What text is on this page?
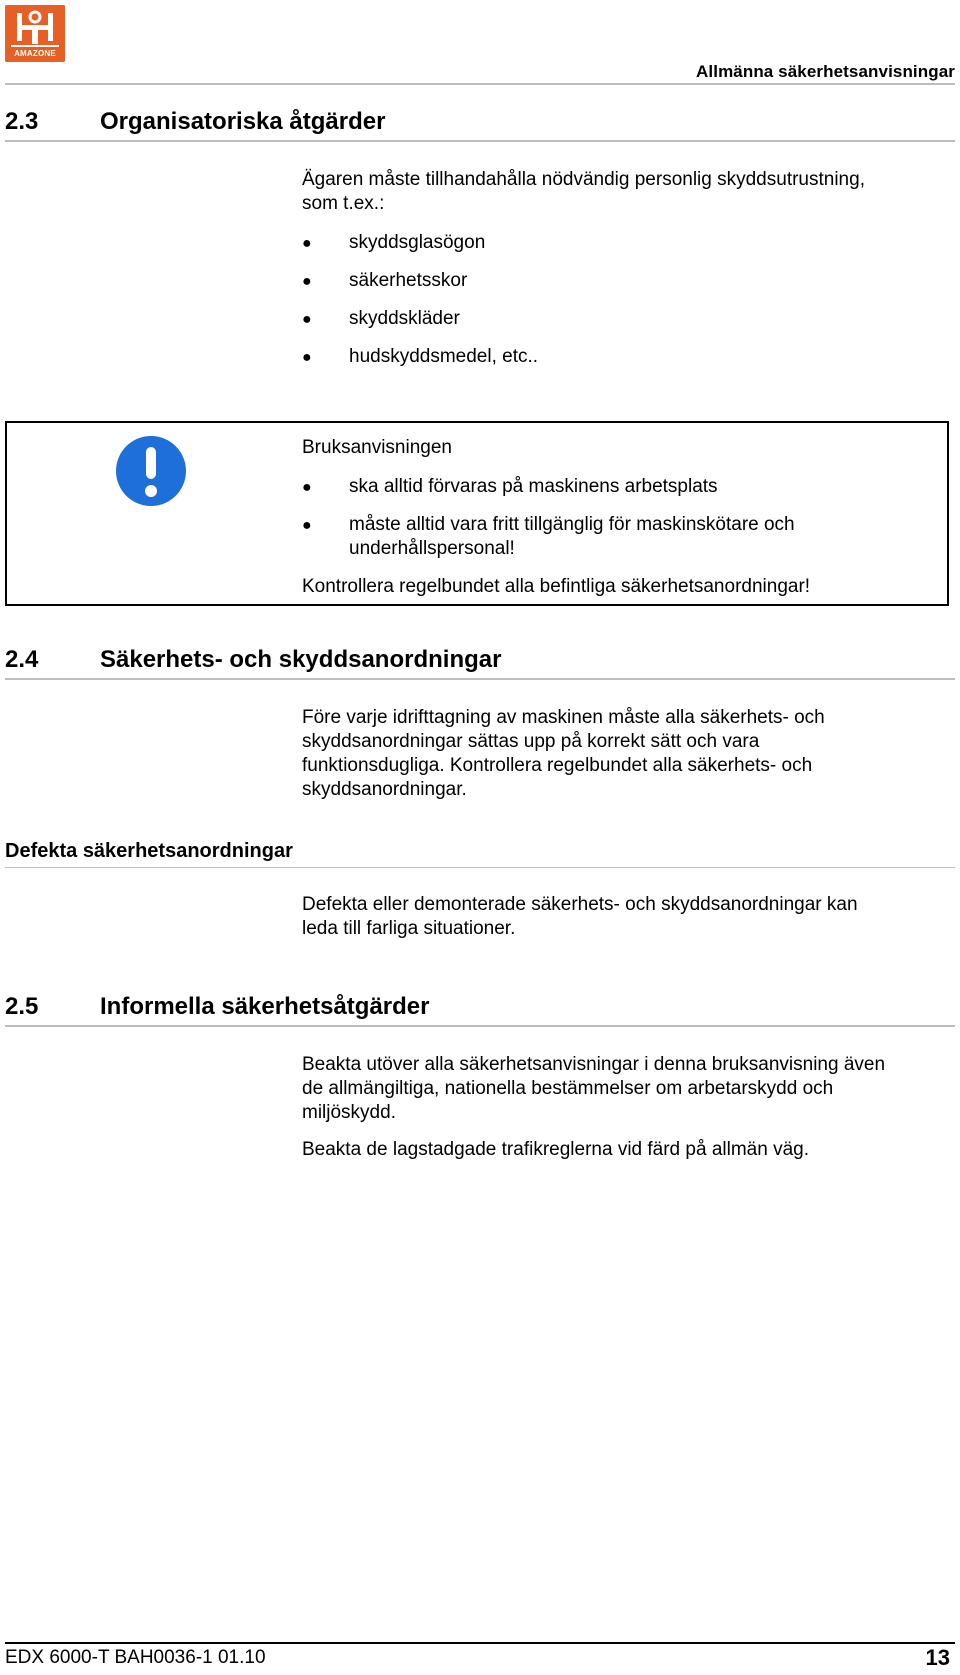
AMAZONE
Allmänna säkerhetsanvisningar
2.3	Organisatoriska åtgärder
Ägaren måste tillhandahålla nödvändig personlig skyddsutrustning,
som t.ex.:
● skyddsglasögon
● säkerhetsskor
● skyddskläder
● hudskyddsmedel, etc..
Bruksanvisningen
● ska alltid förvaras på maskinens arbetsplats
● måste alltid vara fritt tillgänglig för maskinskötare och
underhållspersonal!
Kontrollera regelbundet alla befintliga säkerhetsanordningar!
2.4	Säkerhets- och skyddsanordningar
Före varje idrifttagning av maskinen måste alla säkerhets- och
skyddsanordningar sättas upp på korrekt sätt och vara
funktionsdugliga. Kontrollera regelbundet alla säkerhets- och
skyddsanordningar.
Defekta säkerhetsanordningar
Defekta eller demonterade säkerhets- och skyddsanordningar kan
leda till farliga situationer.
2.5	Informella säkerhetsåtgärder
Beakta utöver alla säkerhetsanvisningar i denna bruksanvisning även
de allmängiltiga, nationella bestämmelser om arbetarskydd och
miljöskydd.
Beakta de lagstadgade trafikreglerna vid färd på allmän väg.
EDX 6000-T BAH0036-1 01.10	13
